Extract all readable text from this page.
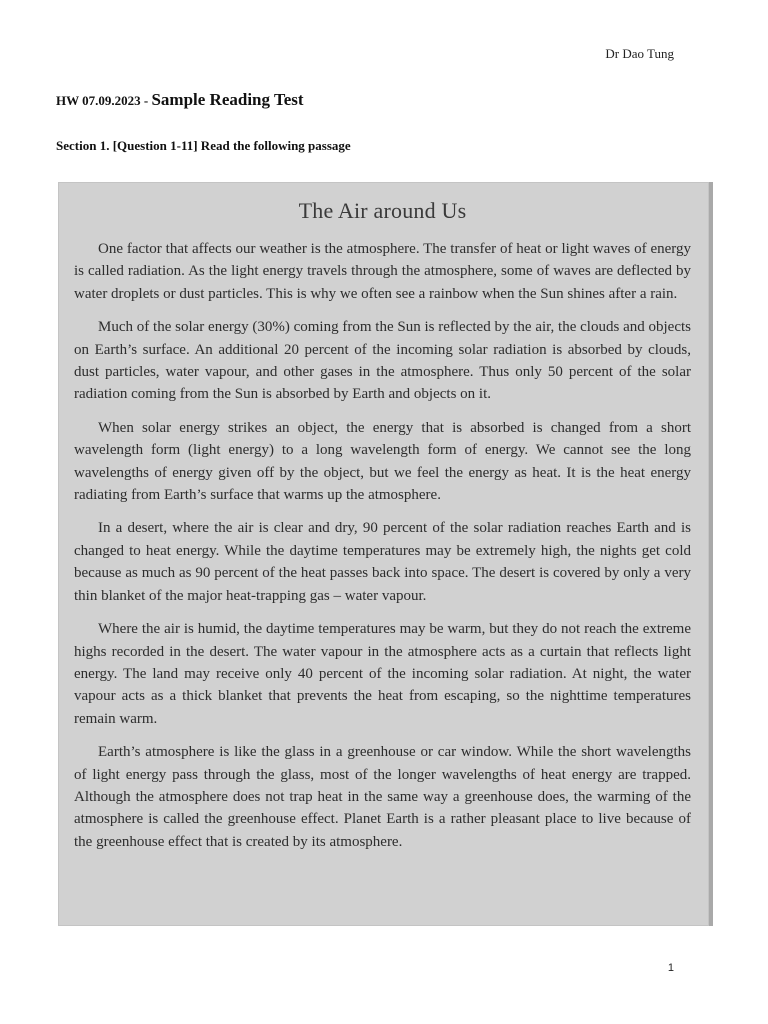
Dr Dao Tung
HW 07.09.2023 - Sample Reading Test
Section 1. [Question 1-11] Read the following passage
The Air around Us

One factor that affects our weather is the atmosphere. The transfer of heat or light waves of energy is called radiation. As the light energy travels through the atmosphere, some of waves are deflected by water droplets or dust particles. This is why we often see a rainbow when the Sun shines after a rain.

Much of the solar energy (30%) coming from the Sun is reflected by the air, the clouds and objects on Earth’s surface. An additional 20 percent of the incoming solar radiation is absorbed by clouds, dust particles, water vapour, and other gases in the atmosphere. Thus only 50 percent of the solar radiation coming from the Sun is absorbed by Earth and objects on it.

When solar energy strikes an object, the energy that is absorbed is changed from a short wavelength form (light energy) to a long wavelength form of energy. We cannot see the long wavelengths of energy given off by the object, but we feel the energy as heat. It is the heat energy radiating from Earth’s surface that warms up the atmosphere.

In a desert, where the air is clear and dry, 90 percent of the solar radiation reaches Earth and is changed to heat energy. While the daytime temperatures may be extremely high, the nights get cold because as much as 90 percent of the heat passes back into space. The desert is covered by only a very thin blanket of the major heat-trapping gas – water vapour.

Where the air is humid, the daytime temperatures may be warm, but they do not reach the extreme highs recorded in the desert. The water vapour in the atmosphere acts as a curtain that reflects light energy. The land may receive only 40 percent of the incoming solar radiation. At night, the water vapour acts as a thick blanket that prevents the heat from escaping, so the nighttime temperatures remain warm.

Earth’s atmosphere is like the glass in a greenhouse or car window. While the short wavelengths of light energy pass through the glass, most of the longer wavelengths of heat energy are trapped. Although the atmosphere does not trap heat in the same way a greenhouse does, the warming of the atmosphere is called the greenhouse effect. Planet Earth is a rather pleasant place to live because of the greenhouse effect that is created by its atmosphere.

1
